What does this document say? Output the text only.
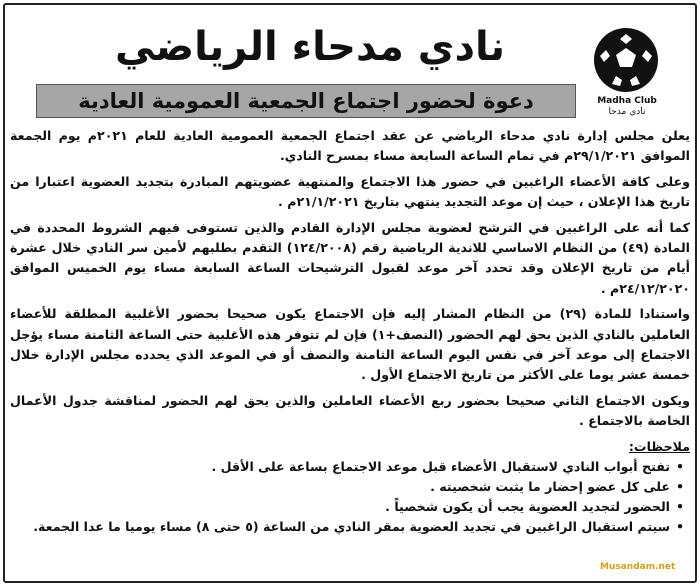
Madha Club
نادي مدحا
نادي مدحاء الرياضي
دعوة لحضور اجتماع الجمعية العمومية العادية

يعلن مجلس إدارة نادي مدحاء الرياضي عن عقد اجتماع الجمعية العمومية العادية للعام ٢٠٢١م يوم الجمعة الموافق ٢٩/١/٢٠٢١م في تمام الساعة السابعة مساء بمسرح النادي.

وعلى كافة الأعضاء الراغبين في حضور هذا الاجتماع والمنتهية عضويتهم المبادرة بتجديد العضوية اعتبارا من تاريخ هذا الإعلان ، حيث إن موعد التجديد ينتهي بتاريخ ٢١/١/٢٠٢١م .

كما أنه على الراغبين في الترشح لعضوية مجلس الإدارة القادم والذين تستوفى فيهم الشروط المحددة في المادة (٤٩) من النظام الاساسي للاندية الرياضية رقم (١٢٤/٢٠٠٨) التقدم بطلبهم لأمين سر النادي خلال عشرة أيام من تاريخ الإعلان وقد تحدد آخر موعد لقبول الترشيحات الساعة السابعة مساء يوم الخميس الموافق ٢٤/١٢/٢٠٢٠م .

واستنادا للمادة (٢٩) من النظام المشار إليه فإن الاجتماع يكون صحيحا بحضور الأغلبية المطلقة للأعضاء العاملين بالنادي الذين يحق لهم الحضور (النصف+١) فإن لم تتوفر هذه الأغلبية حتى الساعة الثامنة مساء يؤجل الاجتماع إلى موعد آخر في نفس اليوم الساعة الثامنة والنصف أو في الموعد الذي يحدده مجلس الإدارة خلال خمسة عشر يوما على الأكثر من تاريخ الاجتماع الأول .

ويكون الاجتماع الثاني صحيحا بحضور ربع الأعضاء العاملين والذين يحق لهم الحضور لمناقشة جدول الأعمال الخاصة بالاجتماع .

ملاحظات:
• تفتح أبواب النادي لاستقبال الأعضاء قبل موعد الاجتماع بساعة على الأقل .
• على كل عضو إحضار ما يثبت شخصيته .
• الحضور لتجديد العضوية يجب أن يكون شخصياً .
• سيتم استقبال الراغبين في تجديد العضوية بمقر النادي من الساعة (٥ حتى ٨) مساء يوميا ما عدا الجمعة.
Musandam.net
